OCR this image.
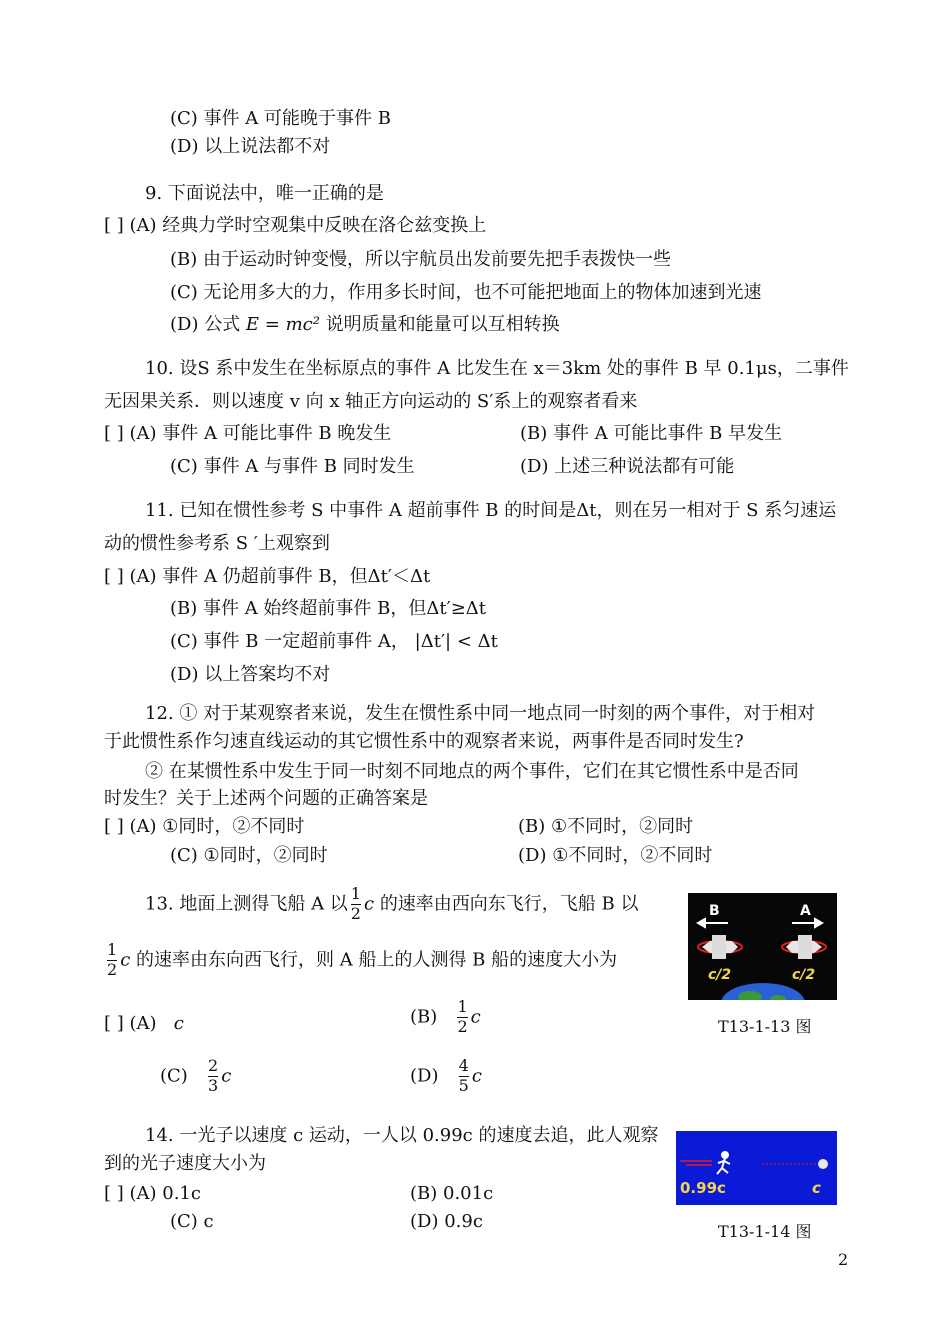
(C) 事件 A 可能晚于事件 B
(D) 以上说法都不对
9. 下面说法中，唯一正确的是
[ ] (A) 经典力学时空观集中反映在洛仑兹变换上
(B) 由于运动时钟变慢，所以宇航员出发前要先把手表拨快一些
(C) 无论用多大的力，作用多长时间，也不可能把地面上的物体加速到光速
(D) 公式 E = mc² 说明质量和能量可以互相转换
10. 设S 系中发生在坐标原点的事件 A 比发生在 x＝3km 处的事件 B 早 0.1μs，二事件
无因果关系．则以速度 v 向 x 轴正方向运动的 S′系上的观察者看来
[ ] (A) 事件 A 可能比事件 B 晚发生	(B) 事件 A 可能比事件 B 早发生
(C) 事件 A 与事件 B 同时发生	(D) 上述三种说法都有可能
11. 已知在惯性参考 S 中事件 A 超前事件 B 的时间是Δt，则在另一相对于 S 系匀速运
动的惯性参考系 S ′上观察到
[ ] (A) 事件 A 仍超前事件 B，但Δt′＜Δt
(B) 事件 A 始终超前事件 B，但Δt′≥Δt
(C) 事件 B 一定超前事件 A， |Δt′| < Δt
(D) 以上答案均不对
12. ① 对于某观察者来说，发生在惯性系中同一地点同一时刻的两个事件，对于相对
于此惯性系作匀速直线运动的其它惯性系中的观察者来说，两事件是否同时发生?
② 在某惯性系中发生于同一时刻不同地点的两个事件，它们在其它惯性系中是否同
时发生？关于上述两个问题的正确答案是
[ ] (A) ①同时，②不同时	(B) ①不同时，②同时
(C) ①同时，②同时	(D) ①不同时，②不同时
13. 地面上测得飞船 A 以 $\frac{1}{2}$ c 的速率由西向东飞行，飞船 B 以
$\frac{1}{2}$ c 的速率由东向西飞行，则 A 船上的人测得 B 船的速度大小为
[ ] (A) c	$(B) \frac{1}{2}$ c
$(C) \frac{2}{3}$ c	$(D) \frac{4}{5}$ c
B	A
c/2	c/2
T13-1-13 图
14. 一光子以速度 c 运动，一人以 0.99c 的速度去追，此人观察
到的光子速度大小为
[ ] (A) 0.1c	(B) 0.01c
(C) c	(D) 0.9c
0.99c	c
T13-1-14 图
2
